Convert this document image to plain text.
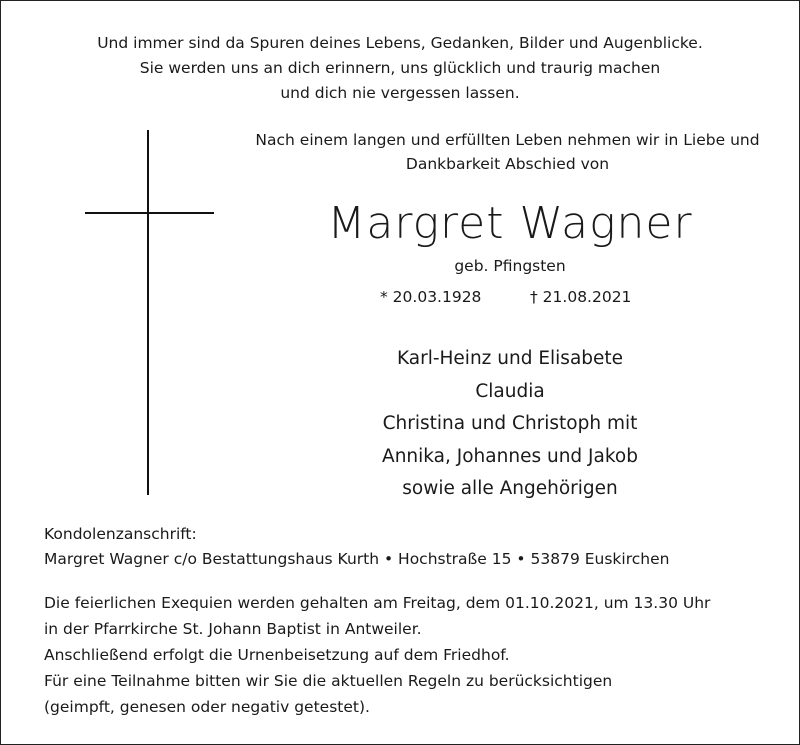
Und immer sind da Spuren deines Lebens, Gedanken, Bilder und Augenblicke.
Sie werden uns an dich erinnern, uns glücklich und traurig machen
und dich nie vergessen lassen.
Nach einem langen und erfüllten Leben nehmen wir in Liebe und
Dankbarkeit Abschied von
Margret Wagner
geb. Pfingsten
* 20.03.1928	† 21.08.2021
Karl-Heinz und Elisabete
Claudia
Christina und Christoph mit
Annika, Johannes und Jakob
sowie alle Angehörigen
Kondolenzanschrift:
Margret Wagner c/o Bestattungshaus Kurth • Hochstraße 15 • 53879 Euskirchen
Die feierlichen Exequien werden gehalten am Freitag, dem 01.10.2021, um 13.30 Uhr
in der Pfarrkirche St. Johann Baptist in Antweiler.
Anschließend erfolgt die Urnenbeisetzung auf dem Friedhof.
Für eine Teilnahme bitten wir Sie die aktuellen Regeln zu berücksichtigen
(geimpft, genesen oder negativ getestet).
